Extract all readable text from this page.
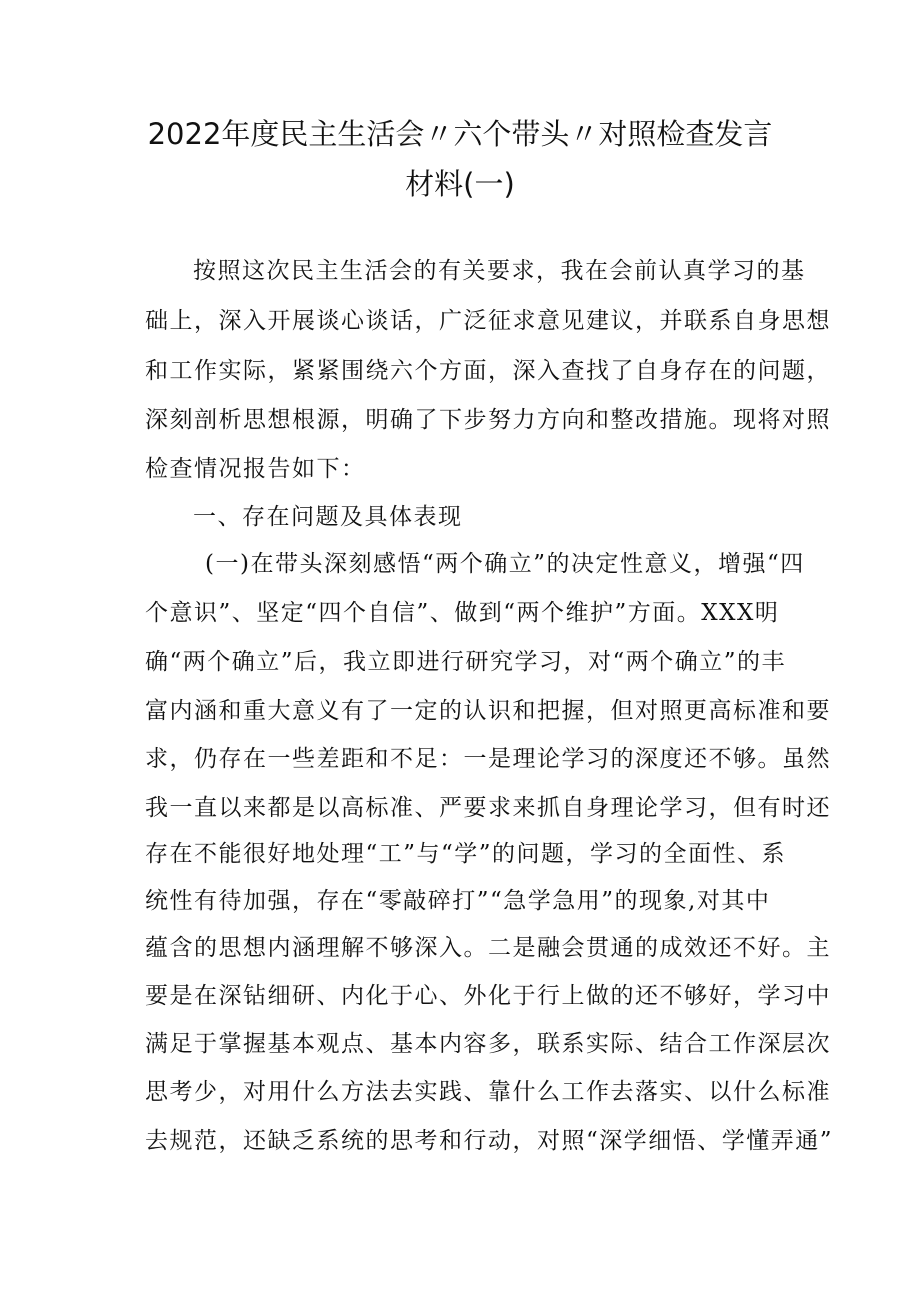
2022年度民主生活会〃六个带头〃对照检查发言
材料(一)
按照这次民主生活会的有关要求，我在会前认真学习的基
础上，深入开展谈心谈话，广泛征求意见建议，并联系自身思想
和工作实际，紧紧围绕六个方面，深入查找了自身存在的问题，
深刻剖析思想根源，明确了下步努力方向和整改措施。现将对照
检查情况报告如下：
一、存在问题及具体表现
(一)在带头深刻感悟“两个确立”的决定性意义，增强“四
个意识”、坚定“四个自信”、做到“两个维护”方面。XXX明
确“两个确立”后，我立即进行研究学习，对“两个确立”的丰
富内涵和重大意义有了一定的认识和把握，但对照更高标准和要
求，仍存在一些差距和不足：一是理论学习的深度还不够。虽然
我一直以来都是以高标准、严要求来抓自身理论学习，但有时还
存在不能很好地处理“工”与“学”的问题，学习的全面性、系
统性有待加强，存在“零敲碎打”“急学急用”的现象,对其中
蕴含的思想内涵理解不够深入。二是融会贯通的成效还不好。主
要是在深钻细研、内化于心、外化于行上做的还不够好，学习中
满足于掌握基本观点、基本内容多，联系实际、结合工作深层次
思考少，对用什么方法去实践、靠什么工作去落实、以什么标准
去规范，还缺乏系统的思考和行动，对照“深学细悟、学懂弄通”
